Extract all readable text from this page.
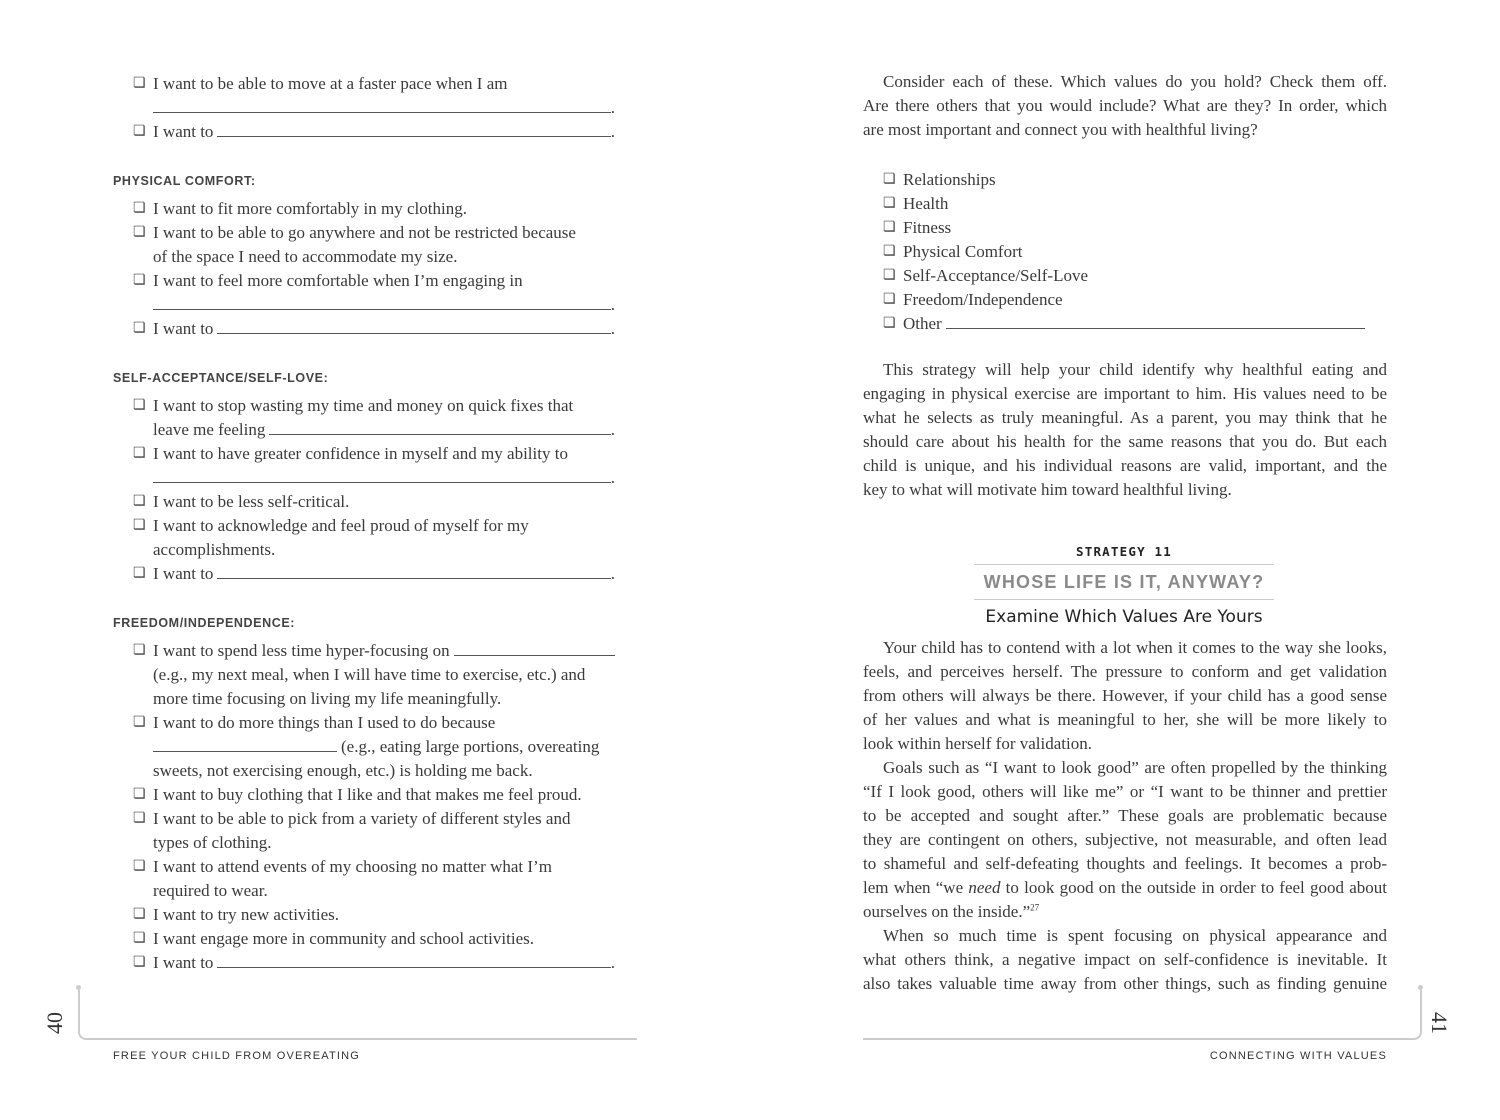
❏ I want to be able to move at a faster pace when I am
.
❏ I want to	.
PHYSICAL COMFORT:
❏ I want to fit more comfortably in my clothing.
❏ I want to be able to go anywhere and not be restricted because
of the space I need to accommodate my size.
❏ I want to feel more comfortable when I’m engaging in
.
❏ I want to	.
SELF-ACCEPTANCE/SELF-LOVE:
❏ I want to stop wasting my time and money on quick fixes that
leave me feeling	.
❏ I want to have greater confidence in myself and my ability to
.
❏ I want to be less self-critical.
❏ I want to acknowledge and feel proud of myself for my
accomplishments.
❏ I want to	.
FREEDOM/INDEPENDENCE:
❏ I want to spend less time hyper-focusing on
(e.g., my next meal, when I will have time to exercise, etc.) and
more time focusing on living my life meaningfully.
❏ I want to do more things than I used to do because
(e.g., eating large portions, overeating
sweets, not exercising enough, etc.) is holding me back.
❏ I want to buy clothing that I like and that makes me feel proud.
❏ I want to be able to pick from a variety of different styles and
types of clothing.
❏ I want to attend events of my choosing no matter what I’m
required to wear.
❏ I want to try new activities.
❏ I want engage more in community and school activities.
❏ I want to	.
Consider each of these. Which values do you hold? Check them off.
Are there others that you would include? What are they? In order, which
are most important and connect you with healthful living?
❏ Relationships
❏ Health
❏ Fitness
❏ Physical Comfort
❏ Self-Acceptance/Self-Love
❏ Freedom/Independence
❏ Other
This strategy will help your child identify why healthful eating and
engaging in physical exercise are important to him. His values need to be
what he selects as truly meaningful. As a parent, you may think that he
should care about his health for the same reasons that you do. But each
child is unique, and his individual reasons are valid, important, and the
key to what will motivate him toward healthful living.
STRATEGY 11
WHOSE LIFE IS IT, ANYWAY?
Examine Which Values Are Yours
Your child has to contend with a lot when it comes to the way she looks,
feels, and perceives herself. The pressure to conform and get validation
from others will always be there. However, if your child has a good sense
of her values and what is meaningful to her, she will be more likely to
look within herself for validation.
Goals such as “I want to look good” are often propelled by the thinking
“If I look good, others will like me” or “I want to be thinner and prettier
to be accepted and sought after.” These goals are problematic because
they are contingent on others, subjective, not measurable, and often lead
to shameful and self-defeating thoughts and feelings. It becomes a prob-
lem when “we need to look good on the outside in order to feel good about
ourselves on the inside.”$^{27}$
When so much time is spent focusing on physical appearance and
what others think, a negative impact on self-confidence is inevitable. It
also takes valuable time away from other things, such as finding genuine
40
FREE YOUR CHILD FROM OVEREATING
41
CONNECTING WITH VALUES
